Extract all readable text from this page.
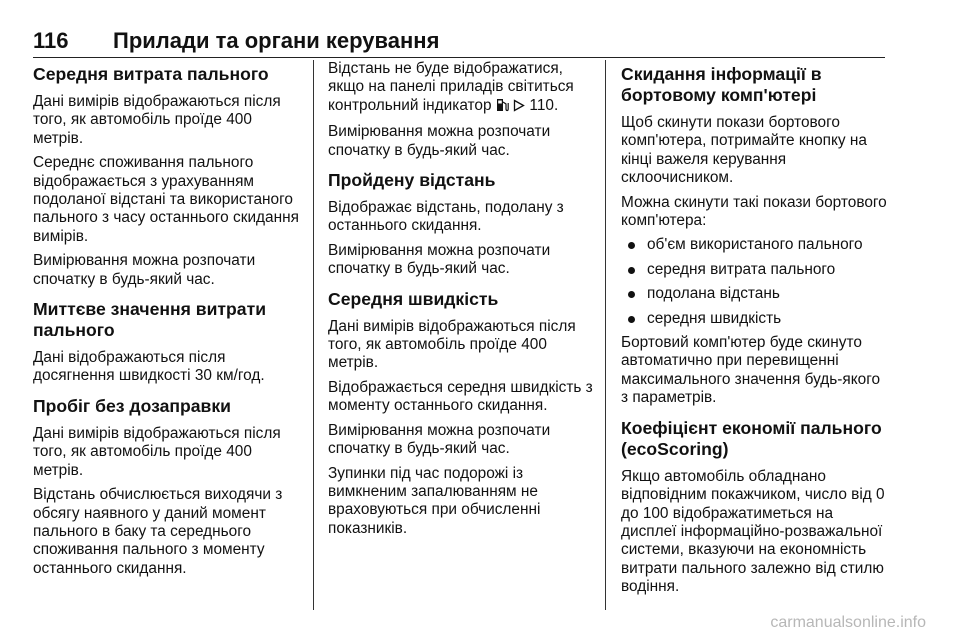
116 Прилади та органи керування
Середня витрата пального

Дані вимірів відображаються після того, як автомобіль проїде 400 метрів.

Середнє споживання пального відображається з урахуванням подоланої відстані та використаного пального з часу останнього скидання вимірів.

Вимірювання можна розпочати спочатку в будь-який час.

Миттєве значення витрати пального

Дані відображаються після досягнення швидкості 30 км/год.

Пробіг без дозаправки

Дані вимірів відображаються після того, як автомобіль проїде 400 метрів.

Відстань обчислюється виходячи з обсягу наявного у даний момент пального в баку та середнього споживання пального з моменту останнього скидання.

Відстань не буде відображатися, якщо на панелі приладів світиться контрольний індикатор 110.

Вимірювання можна розпочати спочатку в будь-який час.

Пройдену відстань

Відображає відстань, подолану з останнього скидання.

Вимірювання можна розпочати спочатку в будь-який час.

Середня швидкість

Дані вимірів відображаються після того, як автомобіль проїде 400 метрів.

Відображається середня швидкість з моменту останнього скидання.

Вимірювання можна розпочати спочатку в будь-який час.

Зупинки під час подорожі із вимкненим запалюванням не враховуються при обчисленні показників.

Скидання інформації в бортовому комп'ютері

Щоб скинути покази бортового комп'ютера, потримайте кнопку на кінці важеля керування склоочисником.

Можна скинути такі покази бортового комп'ютера:

об'єм використаного пального
середня витрата пального
подолана відстань
середня швидкість

Бортовий комп'ютер буде скинуто автоматично при перевищенні максимального значення будь-якого з параметрів.

Коефіцієнт економії пального (ecoScoring)

Якщо автомобіль обладнано відповідним покажчиком, число від 0 до 100 відображатиметься на дисплеї інформаційно-розважальної системи, вказуючи на економність витрати пального залежно від стилю водіння.

carmanualsonline.info
